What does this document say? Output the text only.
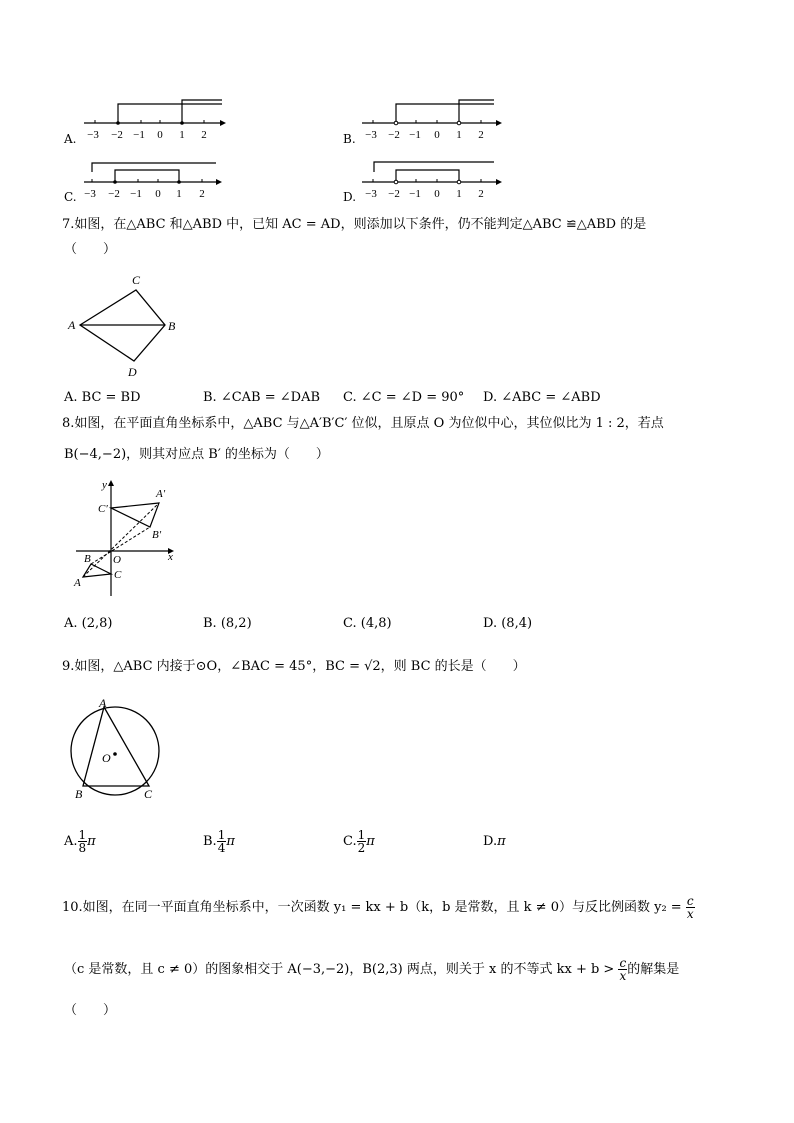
A. −3 −2 −1 0 1 2	B. −3 −2 −1 0 1 2
C. −3 −2 −1 0 1 2	D. −3 −2 −1 0 1 2
7.如图，在△ABC 和△ABD 中，已知 AC = AD，则添加以下条件，仍不能判定△ABC ≌△ABD 的是
（　　）
A
C
B
D
A. BC = BD	B. ∠CAB = ∠DAB C. ∠C = ∠D = 90° D. ∠ABC = ∠ABD
8.如图，在平面直角坐标系中，△ABC 与△A′B′C′ 位似，且原点 O 为位似中心，其位似比为 1 : 2，若点
B(−4,−2)，则其对应点 B′ 的坐标为（　　）
y
x
O
A′
B′
C′
A
B
C
A. (2,8)	B. (8,2)	C. (4,8)	D. (8,4)
9.如图，△ABC 内接于⊙O，∠BAC = 45°，BC = √2，则 BC 的长是（　　）
A
O
B	C
A. $\frac{1}{8}$ π	B. $\frac{1}{4}$ π	C. $\frac{1}{2}$ π	D.π
10.如图，在同一平面直角坐标系中，一次函数 y₁ = kx + b（k，b 是常数，且 k ≠ 0）与反比例函数 $y_2 = \frac{c}{x}$
（c 是常数，且 c ≠ 0）的图象相交于 A(−3,−2)，B(2,3) 两点，则关于 x 的不等式 kx + $b > \frac{c}{x}$ 的解集是
（　　）
